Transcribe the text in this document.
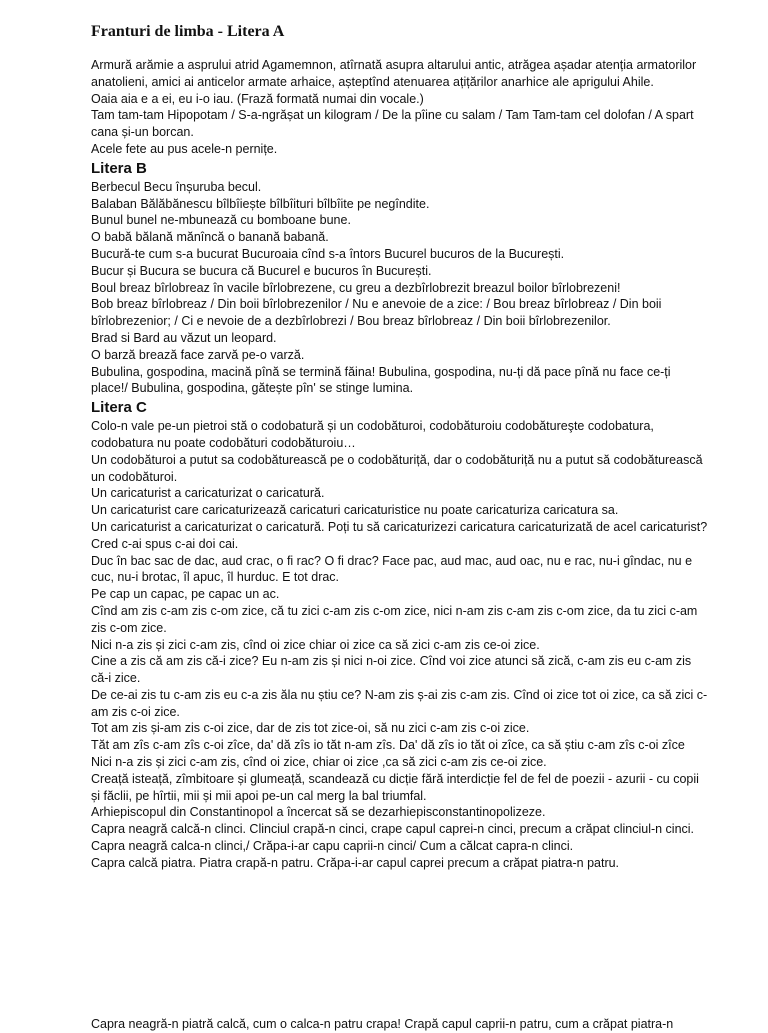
Franturi de limba - Litera A

Armură arămie a asprului atrid Agamemnon, atîrnată asupra altarului antic, atrăgea așadar atenția armatorilor anatolieni, amici ai anticelor armate arhaice, așteptînd atenuarea ațițărilor anarhice ale aprigului Ahile.

Oaia aia e a ei, eu i-o iau. (Frază formată numai din vocale.)

Tam tam-tam Hipopotam / S-a-ngrășat un kilogram / De la pîine cu salam / Tam Tam-tam cel dolofan / A spart cana și-un borcan.

Acele fete au pus acele-n pernițe.

Litera B

Berbecul Becu înșuruba becul.

Balaban Bălăbănescu bîlbîiește bîlbîituri bîlbîite pe negîndite.

Bunul bunel ne-mbunează cu bomboane bune.

O babă bălană mănîncă o banană babană.

Bucură-te cum s-a bucurat Bucuroaia cînd s-a întors Bucurel bucuros de la București.

Bucur și Bucura se bucura că Bucurel e bucuros în București.

Boul breaz bîrlobreaz în vacile bîrlobrezene, cu greu a dezbîrlobrezit breazul boilor bîrlobrezeni!

Bob breaz bîrlobreaz / Din boii bîrlobrezenilor / Nu e anevoie de a zice: / Bou breaz bîrlobreaz / Din boii bîrlobrezenior; / Ci e nevoie de a dezbîrlobrezi / Bou breaz bîrlobreaz / Din boii bîrlobrezenilor.

Brad si Bard au văzut un leopard.

O barză brează face zarvă pe-o varză.

Bubulina, gospodina, macină pînă se termină făina! Bubulina, gospodina, nu-ți dă pace pînă nu face ce-ți place!/ Bubulina, gospodina, gătește pîn' se stinge lumina.

Litera C

Colo-n vale pe-un pietroi stă o codobatură și un codobăturoi, codobăturoiu codobătureşte codobatura, codobatura nu poate codobături codobăturoiu…

Un codobăturoi a putut sa codobăturească pe o codobăturiță, dar o codobăturiță nu a putut să codobăturească un codobăturoi.

Un caricaturist a caricaturizat o caricatură.

Un caricaturist care caricaturizează caricaturi caricaturistice nu poate caricaturiza caricatura sa.

Un caricaturist a caricaturizat o caricatură. Poți tu să caricaturizezi caricatura caricaturizată de acel caricaturist?

Cred c-ai spus c-ai doi cai.

Duc în bac sac de dac, aud crac, o fi rac? O fi drac? Face pac, aud mac, aud oac, nu e rac, nu-i gîndac, nu e cuc, nu-i brotac, îl apuc, îl hurduc. E tot drac.

Pe cap un capac, pe capac un ac.

Cînd am zis c-am zis c-om zice, că tu zici c-am zis c-om zice, nici n-am zis c-am zis c-om zice, da tu zici c-am zis c-om zice.

Nici n-a zis și zici c-am zis, cînd oi zice chiar oi zice ca să zici c-am zis ce-oi zice.

Cine a zis că am zis că-i zice? Eu n-am zis și nici n-oi zice. Cînd voi zice atunci să zică, c-am zis eu c-am zis că-i zice.

De ce-ai zis tu c-am zis eu c-a zis ăla nu știu ce? N-am zis ș-ai zis c-am zis. Cînd oi zice tot oi zice, ca să zici c-am zis c-oi zice.

Tot am zis și-am zis c-oi zice, dar de zis tot zice-oi, să nu zici c-am zis c-oi zice.

Tăt am zîs c-am zîs c-oi zîce, da' dă zîs io tăt n-am zîs. Da' dă zîs io tăt oi zîce, ca să știu c-am zîs c-oi zîce

Nici n-a zis și zici c-am zis, cînd oi zice, chiar oi zice ,ca să zici c-am zis ce-oi zice.

Creață isteață, zîmbitoare și glumeață, scandează cu dicție fără interdicție fel de fel de poezii - azurii - cu copii și făclii, pe hîrtii, mii și mii apoi pe-un cal merg la bal triumfal.

Arhiepiscopul din Constantinopol a încercat să se dezarhiepisconstantinopolizeze.

Capra neagră calcă-n clinci. Clinciul crapă-n cinci, crape capul caprei-n cinci, precum a crăpat clinciul-n cinci.

Capra neagră calca-n clinci,/ Crăpa-i-ar capu caprii-n cinci/ Cum a călcat capra-n clinci.

Capra calcă piatra. Piatra crapă-n patru. Crăpa-i-ar capul caprei precum a crăpat piatra-n patru.

Capra neagră-n piatră calcă, cum o calca-n patru crapa! Crapă capul caprii-n patru, cum a crăpat piatra-n
